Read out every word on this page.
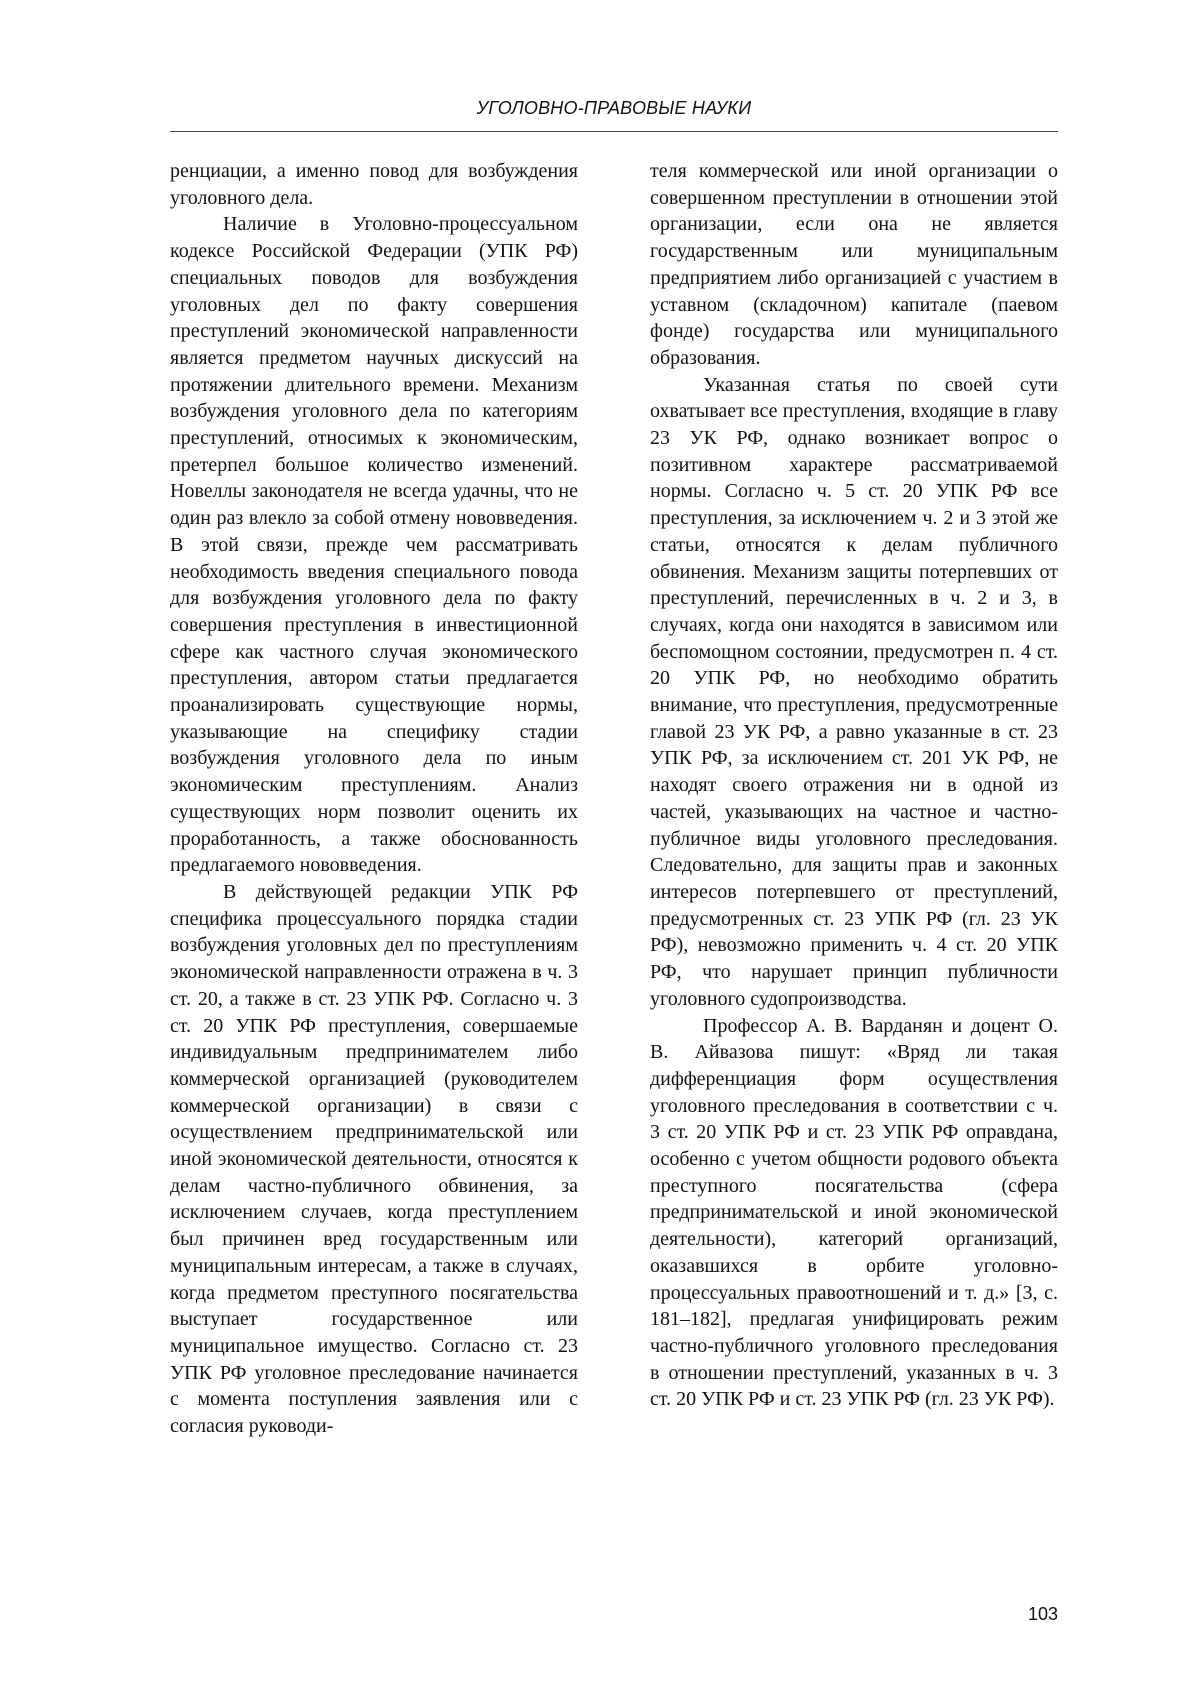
УГОЛОВНО-ПРАВОВЫЕ НАУКИ

ренциации, а именно повод для возбуждения уголовного дела.

Наличие в Уголовно-процессуальном кодексе Российской Федерации (УПК РФ) специальных поводов для возбуждения уголовных дел по факту совершения преступлений экономической направленности является предметом научных дискуссий на протяжении длительного времени. Механизм возбуждения уголовного дела по категориям преступлений, относимых к экономическим, претерпел большое количество изменений. Новеллы законодателя не всегда удачны, что не один раз влекло за собой отмену нововведения. В этой связи, прежде чем рассматривать необходимость введения специального повода для возбуждения уголовного дела по факту совершения преступления в инвестиционной сфере как частного случая экономического преступления, автором статьи предлагается проанализировать существующие нормы, указывающие на специфику стадии возбуждения уголовного дела по иным экономическим преступлениям. Анализ существующих норм позволит оценить их проработанность, а также обоснованность предлагаемого нововведения.

В действующей редакции УПК РФ специфика процессуального порядка стадии возбуждения уголовных дел по преступлениям экономической направленности отражена в ч. 3 ст. 20, а также в ст. 23 УПК РФ. Согласно ч. 3 ст. 20 УПК РФ преступления, совершаемые индивидуальным предпринимателем либо коммерческой организацией (руководителем коммерческой организации) в связи с осуществлением предпринимательской или иной экономической деятельности, относятся к делам частно-публичного обвинения, за исключением случаев, когда преступлением был причинен вред государственным или муниципальным интересам, а также в случаях, когда предметом преступного посягательства выступает государственное или муниципальное имущество. Согласно ст. 23 УПК РФ уголовное преследование начинается с момента поступления заявления или с согласия руководи-

теля коммерческой или иной организации о совершенном преступлении в отношении этой организации, если она не является государственным или муниципальным предприятием либо организацией с участием в уставном (складочном) капитале (паевом фонде) государства или муниципального образования.

Указанная статья по своей сути охватывает все преступления, входящие в главу 23 УК РФ, однако возникает вопрос о позитивном характере рассматриваемой нормы. Согласно ч. 5 ст. 20 УПК РФ все преступления, за исключением ч. 2 и 3 этой же статьи, относятся к делам публичного обвинения. Механизм защиты потерпевших от преступлений, перечисленных в ч. 2 и 3, в случаях, когда они находятся в зависимом или беспомощном состоянии, предусмотрен п. 4 ст. 20 УПК РФ, но необходимо обратить внимание, что преступления, предусмотренные главой 23 УК РФ, а равно указанные в ст. 23 УПК РФ, за исключением ст. 201 УК РФ, не находят своего отражения ни в одной из частей, указывающих на частное и частно-публичное виды уголовного преследования. Следовательно, для защиты прав и законных интересов потерпевшего от преступлений, предусмотренных ст. 23 УПК РФ (гл. 23 УК РФ), невозможно применить ч. 4 ст. 20 УПК РФ, что нарушает принцип публичности уголовного судопроизводства.

Профессор А. В. Варданян и доцент О. В. Айвазова пишут: «Вряд ли такая дифференциация форм осуществления уголовного преследования в соответствии с ч. 3 ст. 20 УПК РФ и ст. 23 УПК РФ оправдана, особенно с учетом общности родового объекта преступного посягательства (сфера предпринимательской и иной экономической деятельности), категорий организаций, оказавшихся в орбите уголовно-процессуальных правоотношений и т. д.» [3, с. 181–182], предлагая унифицировать режим частно-публичного уголовного преследования в отношении преступлений, указанных в ч. 3 ст. 20 УПК РФ и ст. 23 УПК РФ (гл. 23 УК РФ).

103
